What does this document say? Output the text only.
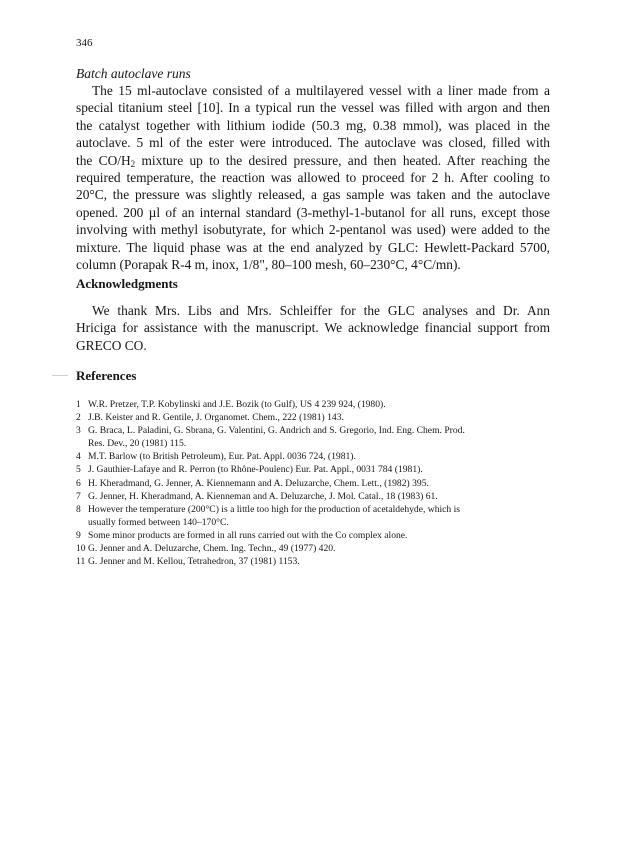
346
Batch autoclave runs
The 15 ml-autoclave consisted of a multilayered vessel with a liner made from a
special titanium steel [10]. In a typical run the vessel was filled with argon and then
the catalyst together with lithium iodide (50.3 mg, 0.38 mmol), was placed in the
autoclave. 5 ml of the ester were introduced. The autoclave was closed, filled with
the $CO/H_2$ mixture up to the desired pressure, and then heated. After reaching the
required temperature, the reaction was allowed to proceed for 2 h. After cooling to
20°C, the pressure was slightly released, a gas sample was taken and the autoclave
opened. 200 µl of an internal standard (3-methyl-1-butanol for all runs, except those
involving with methyl isobutyrate, for which 2-pentanol was used) were added to the
mixture. The liquid phase was at the end analyzed by GLC: Hewlett-Packard 5700,
column (Porapak R-4 m, inox, 1/8", 80–100 mesh, 60–230°C, 4°C/mn).
Acknowledgments
We thank Mrs. Libs and Mrs. Schleiffer for the GLC analyses and Dr. Ann
Hriciga for assistance with the manuscript. We acknowledge financial support from
GRECO CO.
References
1 W.R. Pretzer, T.P. Kobylinski and J.E. Bozik (to Gulf), US 4 239 924, (1980).
2 J.B. Keister and R. Gentile, J. Organomet. Chem., 222 (1981) 143.
3 G. Braca, L. Paladini, G. Sbrana, G. Valentini, G. Andrich and S. Gregorio, Ind. Eng. Chem. Prod.
Res. Dev., 20 (1981) 115.
4 M.T. Barlow (to British Petroleum), Eur. Pat. Appl. 0036 724, (1981).
5 J. Gauthier-Lafaye and R. Perron (to Rhône-Poulenc) Eur. Pat. Appl., 0031 784 (1981).
6 H. Kheradmand, G. Jenner, A. Kiennemann and A. Deluzarche, Chem. Lett., (1982) 395.
7 G. Jenner, H. Kheradmand, A. Kienneman and A. Deluzarche, J. Mol. Catal., 18 (1983) 61.
8 However the temperature (200°C) is a little too high for the production of acetaldehyde, which is
usually formed between 140–170°C.
9 Some minor products are formed in all runs carried out with the Co complex alone.
10 G. Jenner and A. Deluzarche, Chem. Ing. Techn., 49 (1977) 420.
11 G. Jenner and M. Kellou, Tetrahedron, 37 (1981) 1153.
